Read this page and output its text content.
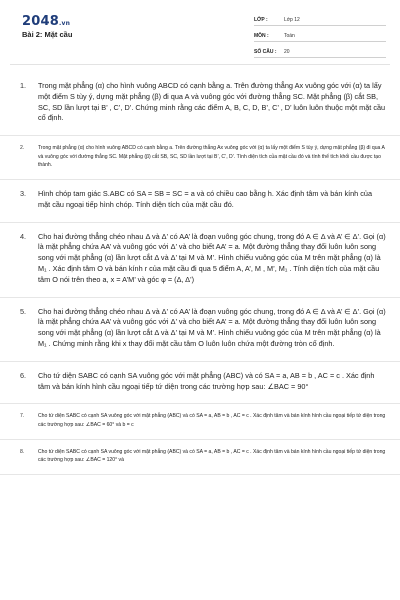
2048.vn
Bài 2: Mặt cầu
LỚP :	Lớp 12
MÔN :	Toán
SỐ CÂU :	20
1. Trong mặt phẳng (α) cho hình vuông ABCD có cạnh bằng a. Trên đường thẳng Ax vuông góc với (α) ta lấy một điểm S tùy ý, dựng mặt phẳng (β) đi qua A và vuông góc với đường thẳng SC. Mặt phẳng (β) cắt SB, SC, SD lần lượt tại B’ , C’, D’. Chứng minh rằng các điểm A, B, C, D, B’, C’ , D’ luôn luôn thuộc một mặt cầu cố định.
2.	Trong mặt phẳng (α) cho hình vuông ABCD có cạnh bằng a. Trên đường thẳng Ax vuông góc với (α) ta lấy một điểm S tùy ý, dựng mặt phẳng (β) đi qua A và vuông góc với đường thẳng SC. Mặt phẳng (β) cắt SB, SC, SD lần lượt tại B’, C’, D’. Tính diện tích của mặt cầu đó và tính thể tích khối cầu được tạo thành.
3. Hình chóp tam giác S.ABC có SA = SB = SC = a và có chiều cao bằng h. Xác định tâm và bán kính của mặt cầu ngoại tiếp hình chóp. Tính diện tích của mặt cầu đó.
4. Cho hai đường thẳng chéo nhau Δ và Δ’ có AA’ là đoạn vuông góc chung, trong đó A ∈ Δ và A’ ∈ Δ’. Gọi (α) là mặt phẳng chứa AA’ và vuông góc với Δ’ và cho biết AA’ = a. Một đường thẳng thay đổi luôn luôn song song với mặt phẳng (α) lần lượt cắt Δ và Δ’ tại M và M’. Hình chiếu vuông góc của M trên mặt phẳng (α) là M₁ . Xác định tâm O và bán kính r của mặt cầu đi qua 5 điểm A, A’, M , M’, M₁ . Tính diện tích của mặt cầu tâm O nói trên theo a, x = A’M’ và góc φ = (Δ, Δ’)
5. Cho hai đường thẳng chéo nhau Δ và Δ’ có AA’ là đoạn vuông góc chung, trong đó A ∈ Δ và A’ ∈ Δ’. Gọi (α) là mặt phẳng chứa AA’ và vuông góc với Δ’ và cho biết AA’ = a. Một đường thẳng thay đổi luôn luôn song song với mặt phẳng (α) lần lượt cắt Δ và Δ’ tại M và M’. Hình chiếu vuông góc của M trên mặt phẳng (α) là M₁ . Chứng minh rằng khi x thay đổi mặt cầu tâm O luôn luôn chứa một đường tròn cố định.
6. Cho tứ diện SABC có cạnh SA vuông góc với mặt phẳng (ABC) và có SA = a, AB = b , AC = c . Xác định tâm và bán kính hình cầu ngoại tiếp tứ diện trong các trường hợp sau: ∠BAC = 90°
7.	Cho tứ diện SABC có cạnh SA vuông góc với mặt phẳng (ABC) và có SA = a, AB = b , AC = c . Xác định tâm và bán kính hình cầu ngoại tiếp tứ diện trong các trường hợp sau: ∠BAC = 60° và b = c
8.	Cho tứ diện SABC có cạnh SA vuông góc với mặt phẳng (ABC) và có SA = a, AB = b , AC = c . Xác định tâm và bán kính hình cầu ngoại tiếp tứ diện trong các trường hợp sau: ∠BAC = 120° và
